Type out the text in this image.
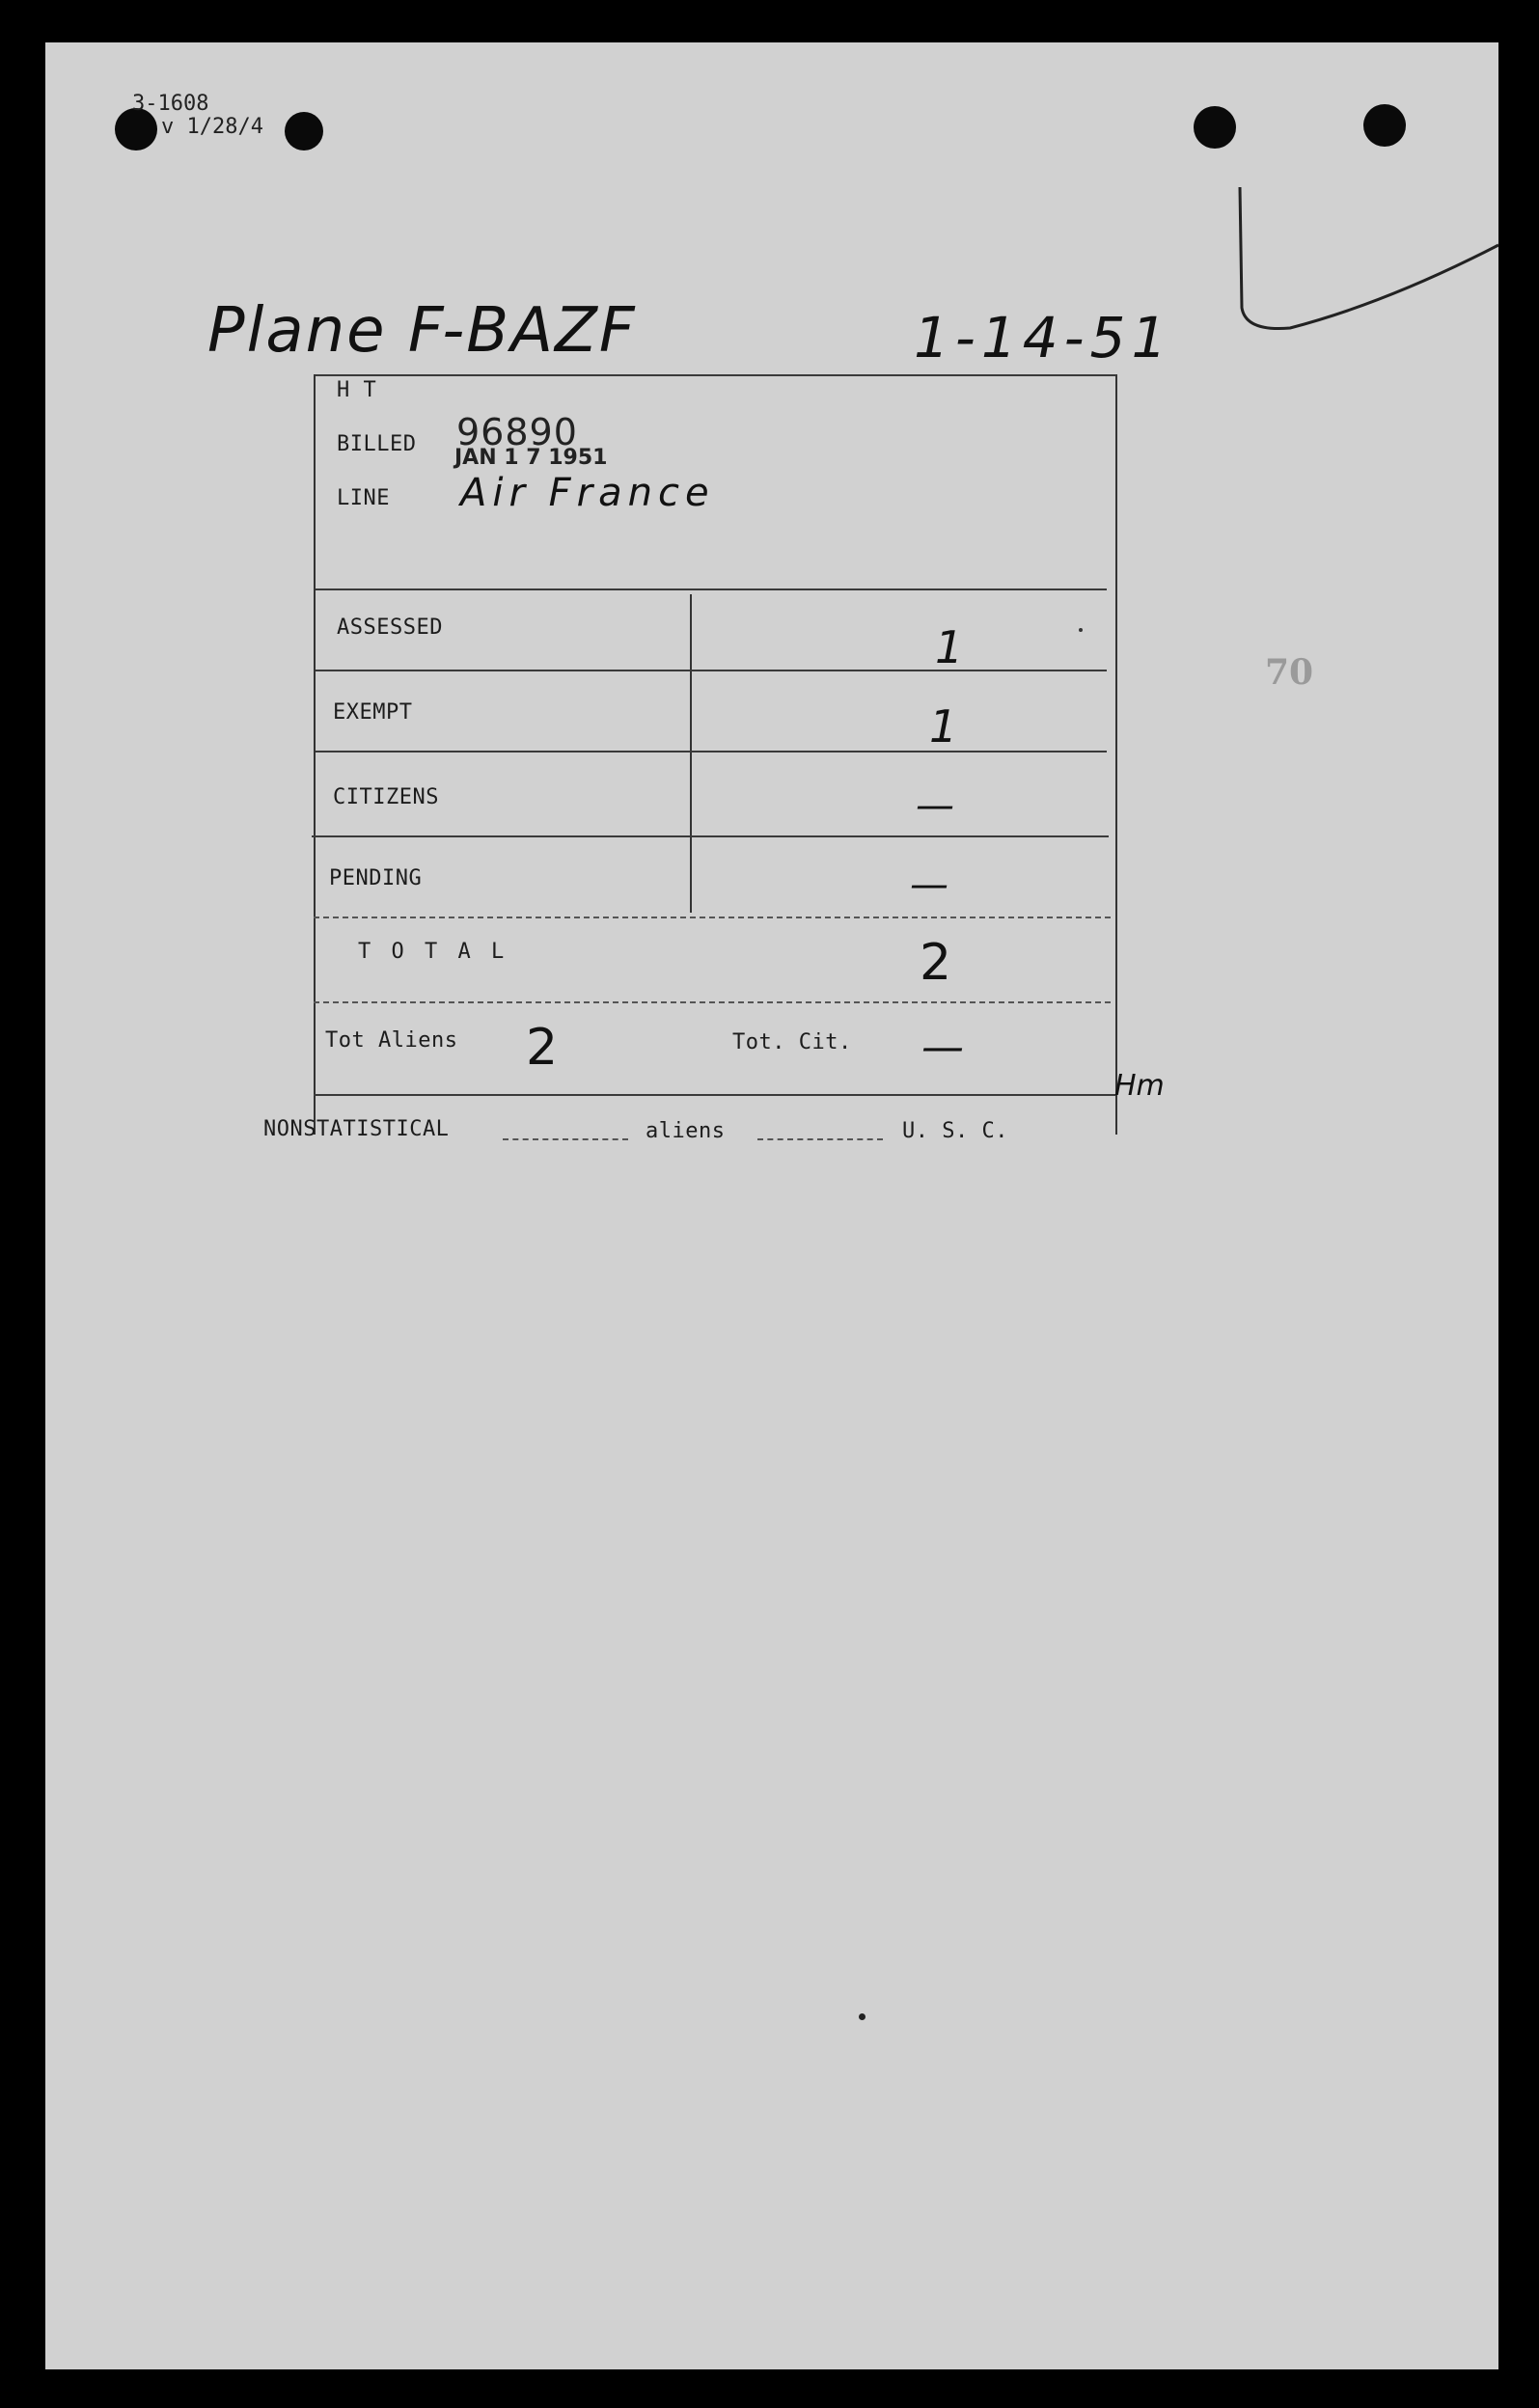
3-1608
v 1/28/4
Plane F-BAZF	1-14-51
H T
BILLED 96890
JAN 1 7 1951
LINE Air France
ASSESSED	1
EXEMPT	1
CITIZENS	—
PENDING	—
T O T A L	2
Tot Aliens 2	Tot. Cit. —
Hm
NONSTATISTICAL	aliens	U. S. C.
70
